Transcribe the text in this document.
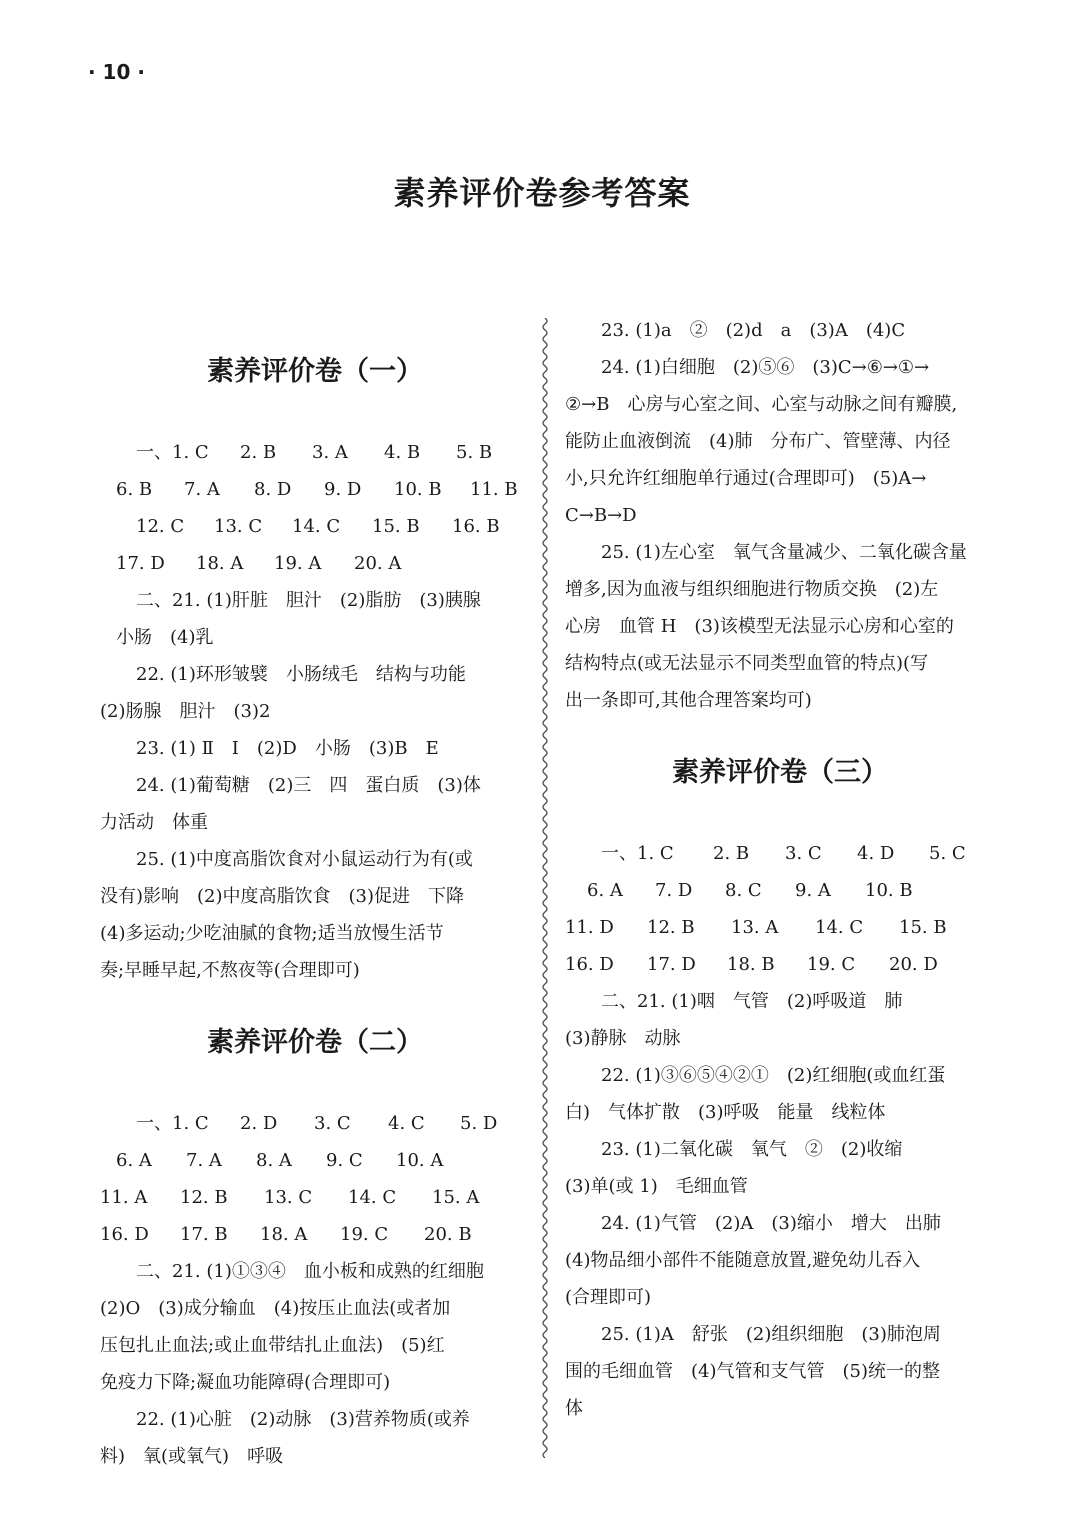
· 10 ·
素养评价卷参考答案
素养评价卷（一）
一、1. C	2. B	3. A	4. B	5. B
6. B	7. A	8. D	9. D	10. B	11. B
12. C	13. C	14. C	15. B	16. B
17. D	18. A	19. A	20. A
二、21. (1)肝脏　胆汁　(2)脂肪　(3)胰腺
小肠　(4)乳
22. (1)环形皱襞　小肠绒毛　结构与功能
(2)肠腺　胆汁　(3)2
23. (1) Ⅱ　Ⅰ　(2)D　小肠　(3)B　E
24. (1)葡萄糖　(2)三　四　蛋白质　(3)体
力活动　体重
25. (1)中度高脂饮食对小鼠运动行为有(或
没有)影响　(2)中度高脂饮食　(3)促进　下降
(4)多运动;少吃油腻的食物;适当放慢生活节
奏;早睡早起,不熬夜等(合理即可)
素养评价卷（二）
一、1. C	2. D	3. C	4. C	5. D
6. A	7. A	8. A	9. C	10. A
11. A	12. B	13. C	14. C	15. A
16. D	17. B	18. A	19. C	20. B
二、21. (1)①③④　血小板和成熟的红细胞
(2)O　(3)成分输血　(4)按压止血法(或者加
压包扎止血法;或止血带结扎止血法)　(5)红
免疫力下降;凝血功能障碍(合理即可)
22. (1)心脏　(2)动脉　(3)营养物质(或养
料)　氧(或氧气)　呼吸
23. (1)a　②　(2)d　a　(3)A　(4)C
24. (1)白细胞　(2)⑤⑥　(3)C→⑥→①→
②→B　心房与心室之间、心室与动脉之间有瓣膜,
能防止血液倒流　(4)肺　分布广、管壁薄、内径
小,只允许红细胞单行通过(合理即可)　(5)A→
C→B→D
25. (1)左心室　氧气含量减少、二氧化碳含量
增多,因为血液与组织细胞进行物质交换　(2)左
心房　血管 H　(3)该模型无法显示心房和心室的
结构特点(或无法显示不同类型血管的特点)(写
出一条即可,其他合理答案均可)
素养评价卷（三）
一、1. C	2. B	3. C	4. D	5. C
6. A	7. D	8. C	9. A	10. B
11. D	12. B	13. A	14. C	15. B
16. D	17. D	18. B	19. C	20. D
二、21. (1)咽　气管　(2)呼吸道　肺
(3)静脉　动脉
22. (1)③⑥⑤④②①　(2)红细胞(或血红蛋
白)　气体扩散　(3)呼吸　能量　线粒体
23. (1)二氧化碳　氧气　②　(2)收缩
(3)单(或 1)　毛细血管
24. (1)气管　(2)A　(3)缩小　增大　出肺
(4)物品细小部件不能随意放置,避免幼儿吞入
(合理即可)
25. (1)A　舒张　(2)组织细胞　(3)肺泡周
围的毛细血管　(4)气管和支气管　(5)统一的整
体
